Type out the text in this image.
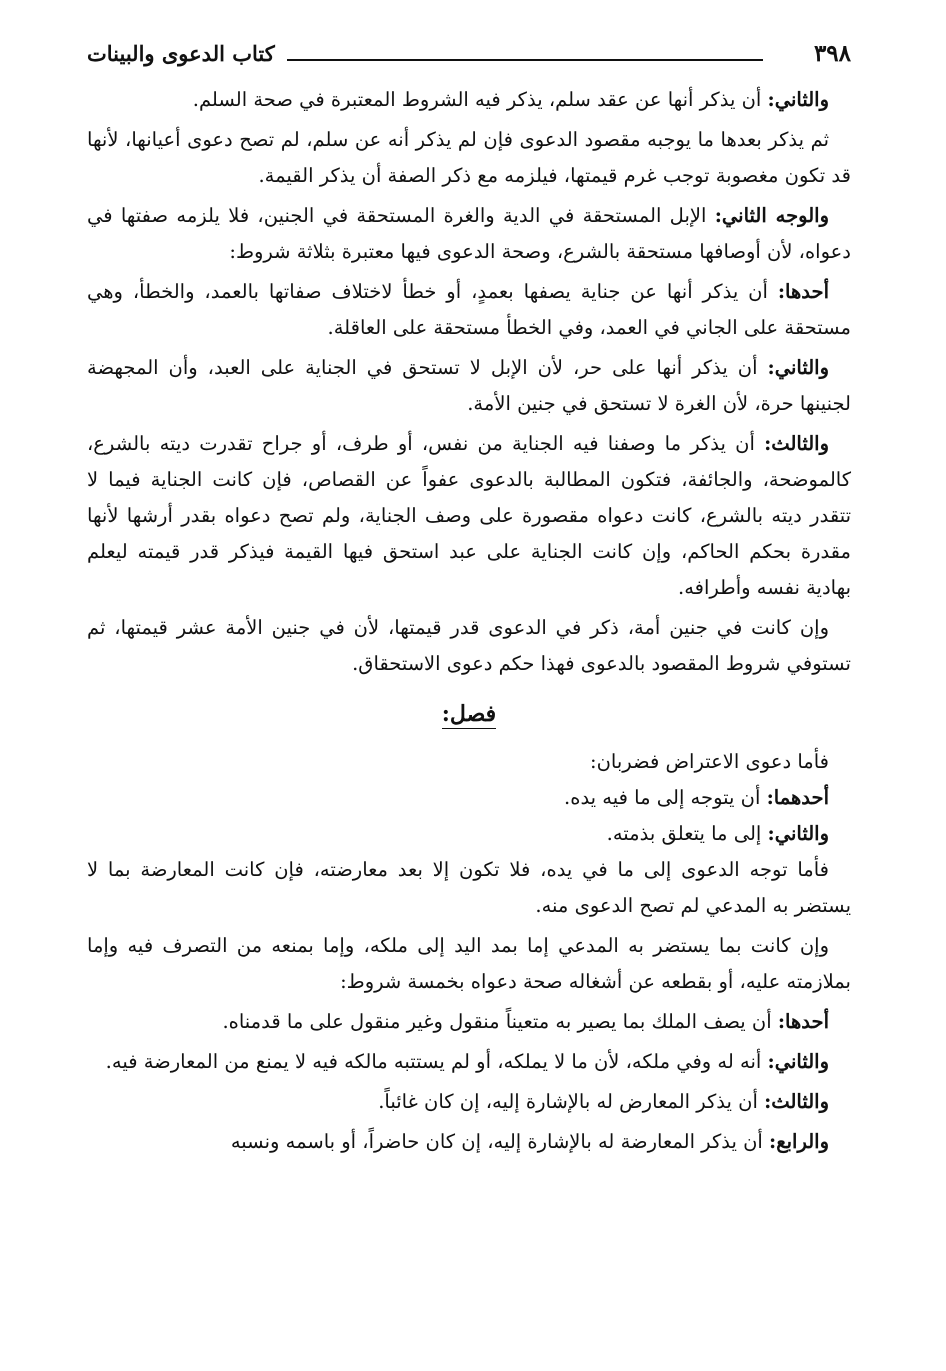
٣٩٨
كتاب الدعوى والبينات

والثاني: أن يذكر أنها عن عقد سلم، يذكر فيه الشروط المعتبرة في صحة السلم.

ثم يذكر بعدها ما يوجبه مقصود الدعوى فإن لم يذكر أنه عن سلم، لم تصح دعوى أعيانها، لأنها قد تكون مغصوبة توجب غرم قيمتها، فيلزمه مع ذكر الصفة أن يذكر القيمة.

والوجه الثاني: الإبل المستحقة في الدية والغرة المستحقة في الجنين، فلا يلزمه صفتها في دعواه، لأن أوصافها مستحقة بالشرع، وصحة الدعوى فيها معتبرة بثلاثة شروط:

أحدها: أن يذكر أنها عن جناية يصفها بعمدٍ، أو خطأ لاختلاف صفاتها بالعمد، والخطأ، وهي مستحقة على الجاني في العمد، وفي الخطأ مستحقة على العاقلة.

والثاني: أن يذكر أنها على حر، لأن الإبل لا تستحق في الجناية على العبد، وأن المجهضة لجنينها حرة، لأن الغرة لا تستحق في جنين الأمة.

والثالث: أن يذكر ما وصفنا فيه الجناية من نفس، أو طرف، أو جراح تقدرت ديته بالشرع، كالموضحة، والجائفة، فتكون المطالبة بالدعوى عفواً عن القصاص، فإن كانت الجناية فيما لا تتقدر ديته بالشرع، كانت دعواه مقصورة على وصف الجناية، ولم تصح دعواه بقدر أرشها لأنها مقدرة بحكم الحاكم، وإن كانت الجناية على عبد استحق فيها القيمة فيذكر قدر قيمته ليعلم بهادية نفسه وأطرافه.

وإن كانت في جنين أمة، ذكر في الدعوى قدر قيمتها، لأن في جنين الأمة عشر قيمتها، ثم تستوفي شروط المقصود بالدعوى فهذا حكم دعوى الاستحقاق.

فصل:

فأما دعوى الاعتراض فضربان:

أحدهما: أن يتوجه إلى ما فيه يده.

والثاني: إلى ما يتعلق بذمته.

فأما توجه الدعوى إلى ما في يده، فلا تكون إلا بعد معارضته، فإن كانت المعارضة بما لا يستضر به المدعي لم تصح الدعوى منه.

وإن كانت بما يستضر به المدعي إما بمد اليد إلى ملكه، وإما بمنعه من التصرف فيه وإما بملازمته عليه، أو بقطعه عن أشغاله صحة دعواه بخمسة شروط:

أحدها: أن يصف الملك بما يصير به متعيناً منقول وغير منقول على ما قدمناه.

والثاني: أنه له وفي ملكه، لأن ما لا يملكه، أو لم يستتبه مالكه فيه لا يمنع من المعارضة فيه.

والثالث: أن يذكر المعارض له بالإشارة إليه، إن كان غائباً.

والرابع: أن يذكر المعارضة له بالإشارة إليه، إن كان حاضراً، أو باسمه ونسبه
